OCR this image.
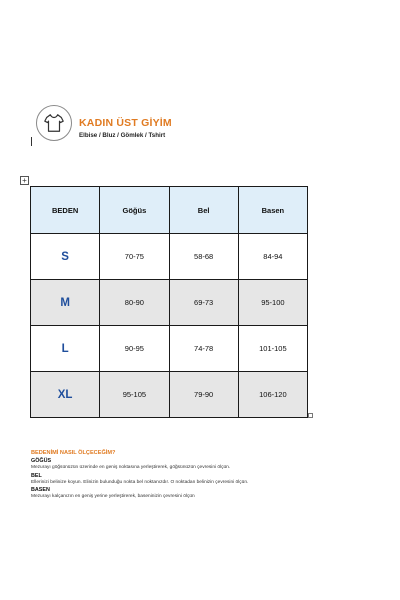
KADIN ÜST GİYİM
Elbise / Bluz / Gömlek / Tshirt
+
BEDEN	Göğüs	Bel	Basen
S	70-75	58-68	84-94
M	80-90	69-73	95-100
L	90-95	74-78	101-105
XL	95-105	79-90	106-120
BEDENİMİ NASIL ÖLÇECEĞİM?
GÖĞÜS
Mezurayı göğsünüzün üzerinde en geniş noktasına yerleştirerek, göğsünüzün çevresini ölçün.
BEL
Ellerinizi belinize koyun. Elinizin bulunduğu nokta bel noktanızdır. O noktadan belinizin çevresini ölçün.
BASEN
Mezurayı kalçanızın en geniş yerine yerleştirerek, baseninizin çevresini ölçün
